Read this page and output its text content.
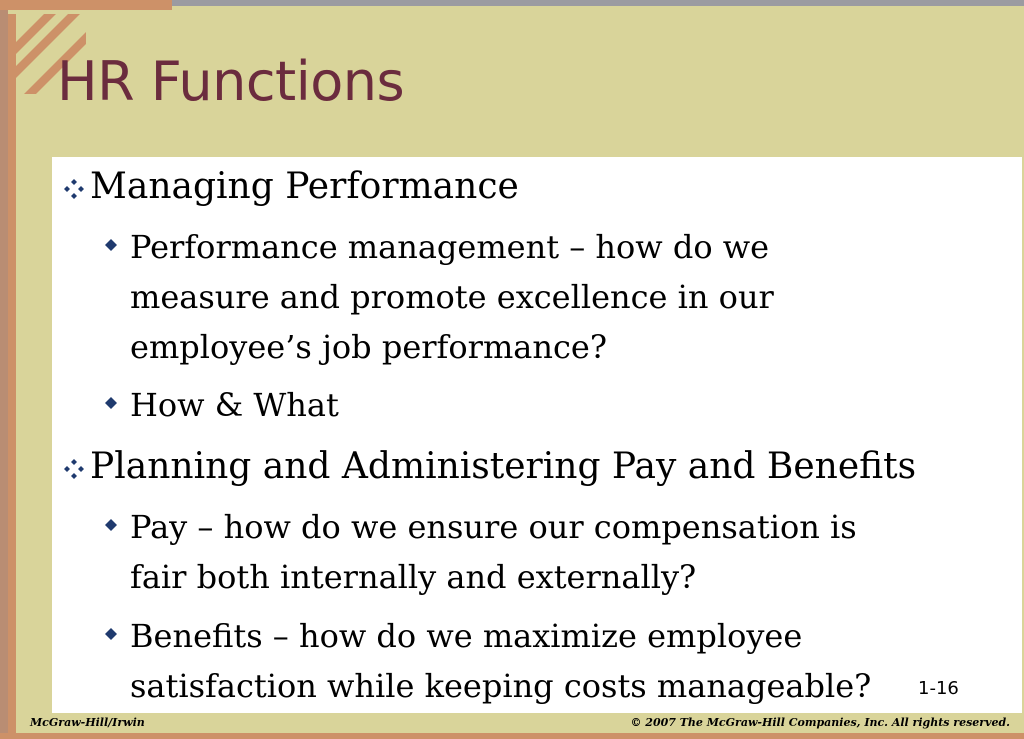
HR Functions
Managing Performance
Performance management – how do we
measure and promote excellence in our
employee’s job performance?
How & What
Planning and Administering Pay and Benefits
Pay – how do we ensure our compensation is
fair both internally and externally?
Benefits – how do we maximize employee
satisfaction while keeping costs manageable?	1-16
McGraw-Hill/Irwin	© 2007 The McGraw-Hill Companies, Inc. All rights reserved.
